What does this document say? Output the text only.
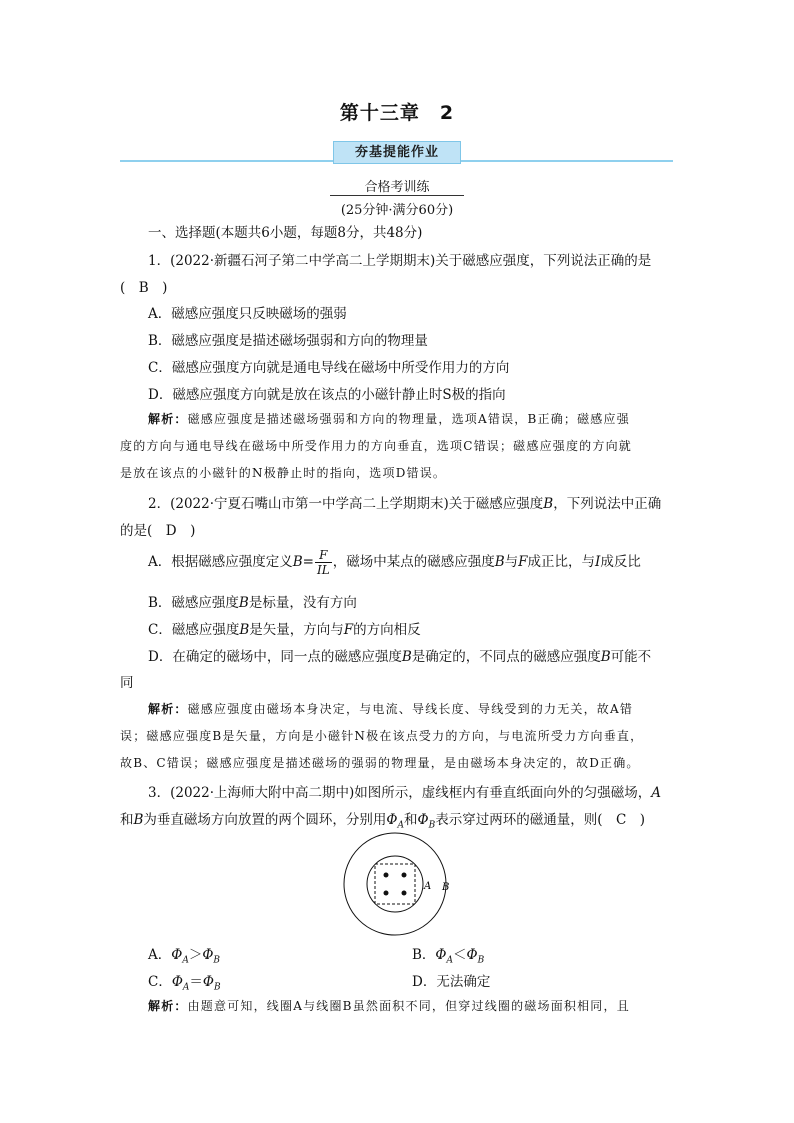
第十三章　2
夯基提能作业
合格考训练
(25分钟·满分60分)
一、选择题(本题共6小题，每题8分，共48分)
1．(2022·新疆石河子第二中学高二上学期期末)关于磁感应强度，下列说法正确的是
(　B　)
A．磁感应强度只反映磁场的强弱
B．磁感应强度是描述磁场强弱和方向的物理量
C．磁感应强度方向就是通电导线在磁场中所受作用力的方向
D．磁感应强度方向就是放在该点的小磁针静止时S极的指向
解析：磁感应强度是描述磁场强弱和方向的物理量，选项A错误，B正确；磁感应强
度的方向与通电导线在磁场中所受作用力的方向垂直，选项C错误；磁感应强度的方向就
是放在该点的小磁针的N极静止时的指向，选项D错误。
2．(2022·宁夏石嘴山市第一中学高二上学期期末)关于磁感应强度B，下列说法中正确
的是(　D　)
A．根据磁感应强度定义$B= \frac{F}{IL}$ ，磁场中某点的磁感应强度B与F成正比，与I成反比
B．磁感应强度B是标量，没有方向
C．磁感应强度B是矢量，方向与F的方向相反
D．在确定的磁场中，同一点的磁感应强度B是确定的，不同点的磁感应强度B可能不
同
解析：磁感应强度由磁场本身决定，与电流、导线长度、导线受到的力无关，故A错
误；磁感应强度B是矢量，方向是小磁针N极在该点受力的方向，与电流所受力方向垂直，
故B、C错误；磁感应强度是描述磁场的强弱的物理量，是由磁场本身决定的，故D正确。
3．(2022·上海师大附中高二期中)如图所示，虚线框内有垂直纸面向外的匀强磁场，A
和B为垂直磁场方向放置的两个圆环，分别用$\Phi_A$和$\Phi_B$表示穿过两环的磁通量，则(　C　)
A B
A．$\Phi_A>\Phi_B$	B．$\Phi_A<\Phi_B$
C．$\Phi_A=\Phi_B$	D．无法确定
解析：由题意可知，线圈A与线圈B虽然面积不同，但穿过线圈的磁场面积相同，且
